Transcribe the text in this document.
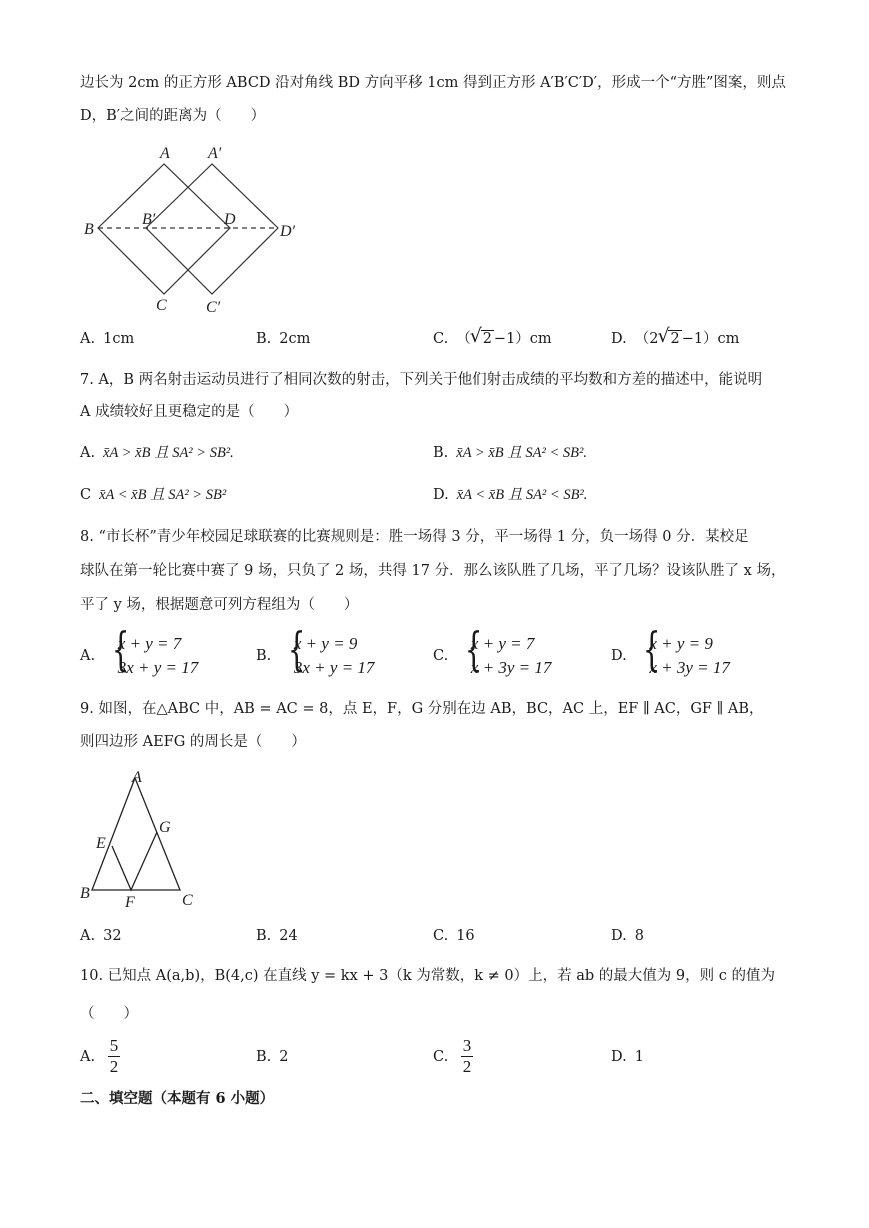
边长为 2cm 的正方形 ABCD 沿对角线 BD 方向平移 1cm 得到正方形 A′B′C′D′，形成一个“方胜”图案，则点
D，B′之间的距离为（　　）
A A′
B
B′	D
D′
C C′
A. 1cm	B. 2cm	C. （ √ 2 −1）cm	D. （2 √ 2 −1）cm
7. A，B 两名射击运动员进行了相同次数的射击，下列关于他们射击成绩的平均数和方差的描述中，能说明
A 成绩较好且更稳定的是（　　）
A. x̄A > x̄B 且 SA² > SB².	B. x̄A > x̄B 且 SA² < SB².
C x̄A < x̄B 且 SA² > SB²	D. x̄A < x̄B 且 SA² < SB².
8. “市长杯”青少年校园足球联赛的比赛规则是：胜一场得 3 分，平一场得 1 分，负一场得 0 分．某校足
球队在第一轮比赛中赛了 9 场，只负了 2 场，共得 17 分．那么该队胜了几场，平了几场？设该队胜了 x 场，
平了 y 场，根据题意可列方程组为（　　）
A. {
x + y = 7
3x + y = 17
B. {
x + y = 9
3x + y = 17
C. {
x + y = 7
x + 3y = 17
D. {
x + y = 9
x + 3y = 17
9. 如图，在△ABC 中，AB = AC = 8，点 E，F，G 分别在边 AB，BC，AC 上，EF ∥ AC，GF ∥ AB，
则四边形 AEFG 的周长是（　　）
A
E
G
B
F	C
A. 32	B. 24	C. 16	D. 8
10. 已知点 A(a,b)，B(4,c) 在直线 y = kx + 3（k 为常数，k ≠ 0）上，若 ab 的最大值为 9，则 c 的值为
（　　）
A. $\frac{5}{2}$	B. 2	C. $\frac{3}{2}$	D. 1
二、填空题（本题有 6 小题）
